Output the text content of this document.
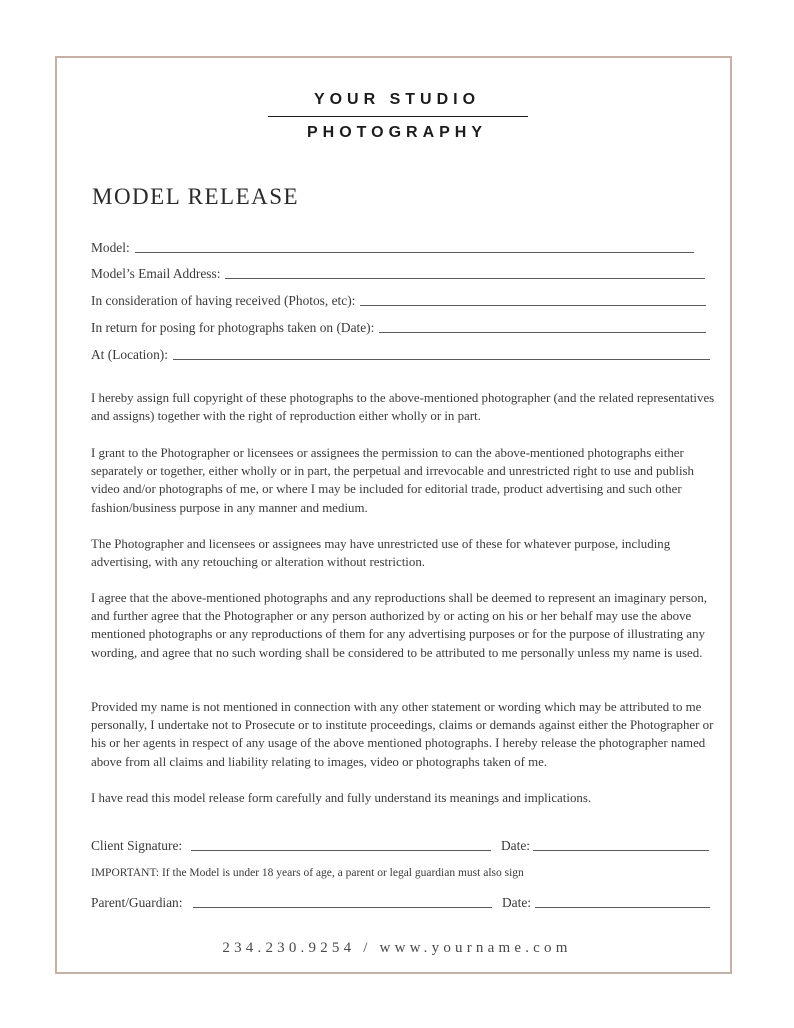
YOUR STUDIO
PHOTOGRAPHY
MODEL RELEASE
Model:
Model’s Email Address:
In consideration of having received (Photos, etc):
In return for posing for photographs taken on (Date):
At (Location):
I hereby assign full copyright of these photographs to the above-mentioned photographer (and the related representatives and assigns) together with the right of reproduction either wholly or in part.
I grant to the Photographer or licensees or assignees the permission to can the above-mentioned photographs either separately or together, either wholly or in part, the perpetual and irrevocable and unrestricted right to use and publish video and/or photographs of me, or where I may be included for editorial trade, product advertising and such other fashion/business purpose in any manner and medium.
The Photographer and licensees or assignees may have unrestricted use of these for whatever purpose, including advertising, with any retouching or alteration without restriction.
I agree that the above-mentioned photographs and any reproductions shall be deemed to represent an imaginary person, and further agree that the Photographer or any person authorized by or acting on his or her behalf may use the above mentioned photographs or any reproductions of them for any advertising purposes or for the purpose of illustrating any wording, and agree that no such wording shall be considered to be attributed to me personally unless my name is used.
Provided my name is not mentioned in connection with any other statement or wording which may be attributed to me personally, I undertake not to Prosecute or to institute proceedings, claims or demands against either the Photographer or his or her agents in respect of any usage of the above mentioned photographs. I hereby release the photographer named above from all claims and liability relating to images, video or photographs taken of me.
I have read this model release form carefully and fully understand its meanings and implications.
Client Signature:	Date:
IMPORTANT: If the Model is under 18 years of age, a parent or legal guardian must also sign
Parent/Guardian:	Date:
234.230.9254 / www.yourname.com
